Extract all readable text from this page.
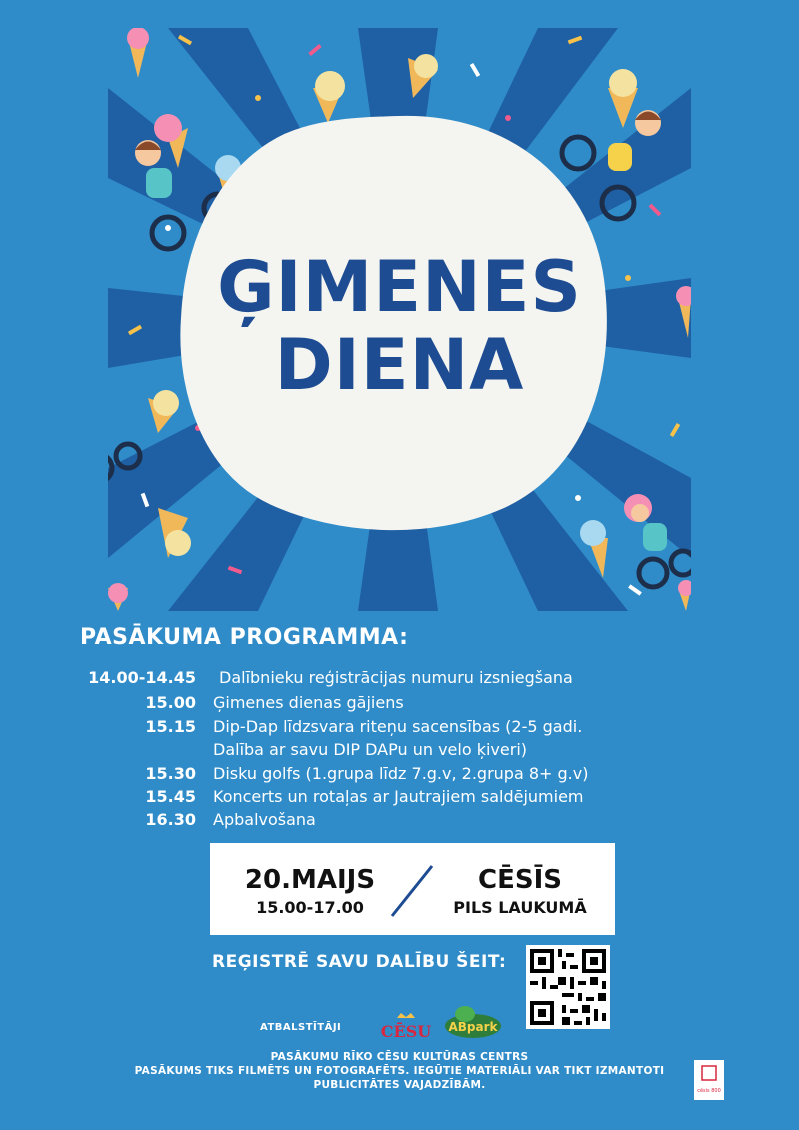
ĢIMENES
DIENA
PASĀKUMA PROGRAMMA:
14.00-14.45 Dalībnieku reģistrācijas numuru izsniegšana
15.00 Ģimenes dienas gājiens
15.15 Dip-Dap līdzsvara riteņu sacensības (2-5 gadi.
Dalība ar savu DIP DAPu un velo ķiveri)
15.30 Disku golfs (1.grupa līdz 7.g.v, 2.grupa 8+ g.v)
15.45 Koncerts un rotaļas ar Jautrajiem saldējumiem
16.30 Apbalvošana
20.MAIJS
15.00-17.00
CĒSĪS
PILS LAUKUMĀ
REĢISTRĒ SAVU DALĪBU ŠEIT:
ATBALSTĪTĀJI CĒSU ABpark
PASĀKUMU RĪKO CĒSU KULTŪRAS CENTRS
PASĀKUMS TIKS FILMĒTS UN FOTOGRAFĒTS. IEGŪTIE MATERIĀLI VAR TIKT IZMANTOTI
PUBLICITĀTES VAJADZĪBĀM.	cēsis 800
